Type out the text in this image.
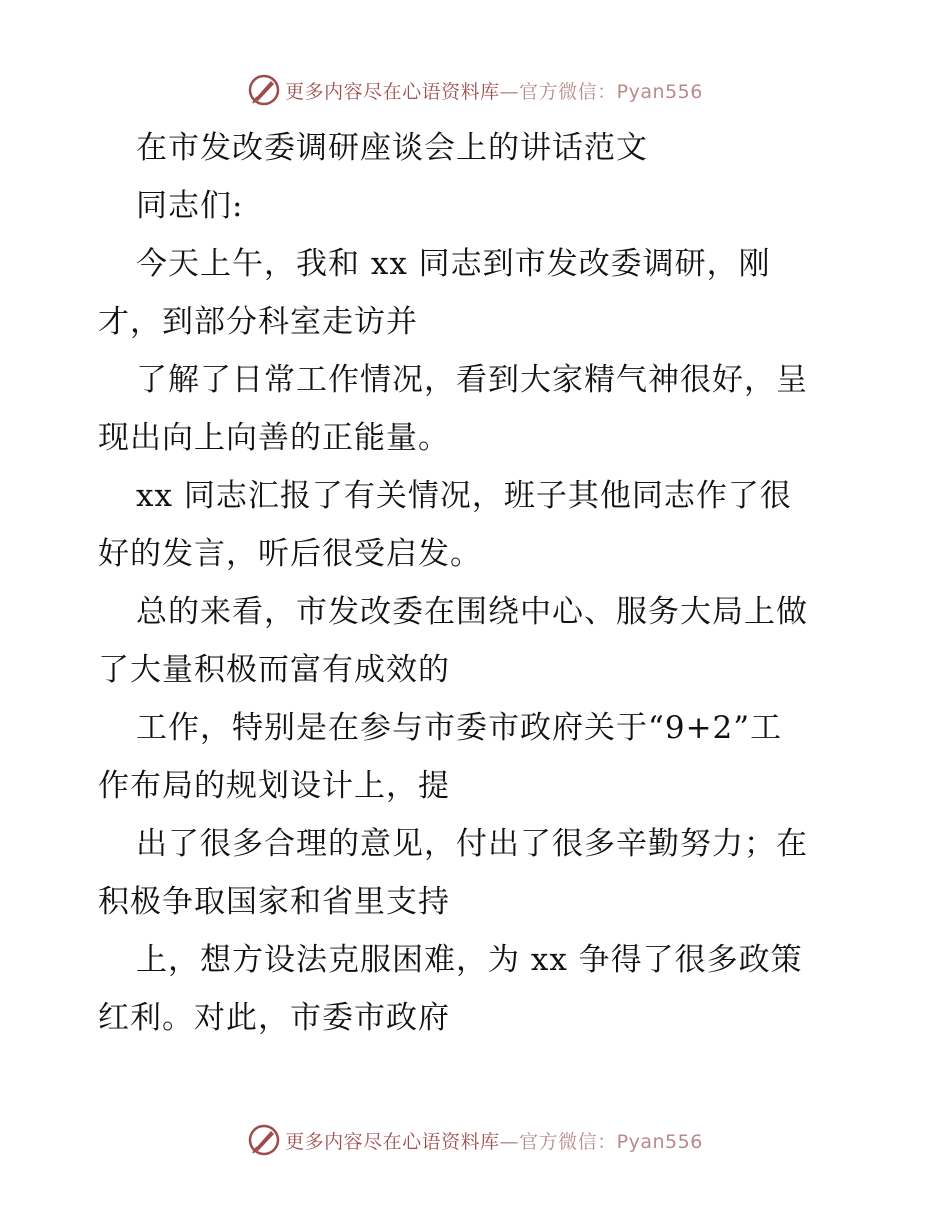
更多内容尽在心语资料库—官方微信：Pyan556
在市发改委调研座谈会上的讲话范文
同志们:
今天上午，我和 xx 同志到市发改委调研，刚
才，到部分科室走访并
了解了日常工作情况，看到大家精气神很好，呈
现出向上向善的正能量。
xx 同志汇报了有关情况，班子其他同志作了很
好的发言，听后很受启发。
总的来看，市发改委在围绕中心、服务大局上做
了大量积极而富有成效的
工作，特别是在参与市委市政府关于“9+2”工
作布局的规划设计上，提
出了很多合理的意见，付出了很多辛勤努力；在
积极争取国家和省里支持
上，想方设法克服困难，为 xx 争得了很多政策
红利。对此，市委市政府
更多内容尽在心语资料库—官方微信：Pyan556
